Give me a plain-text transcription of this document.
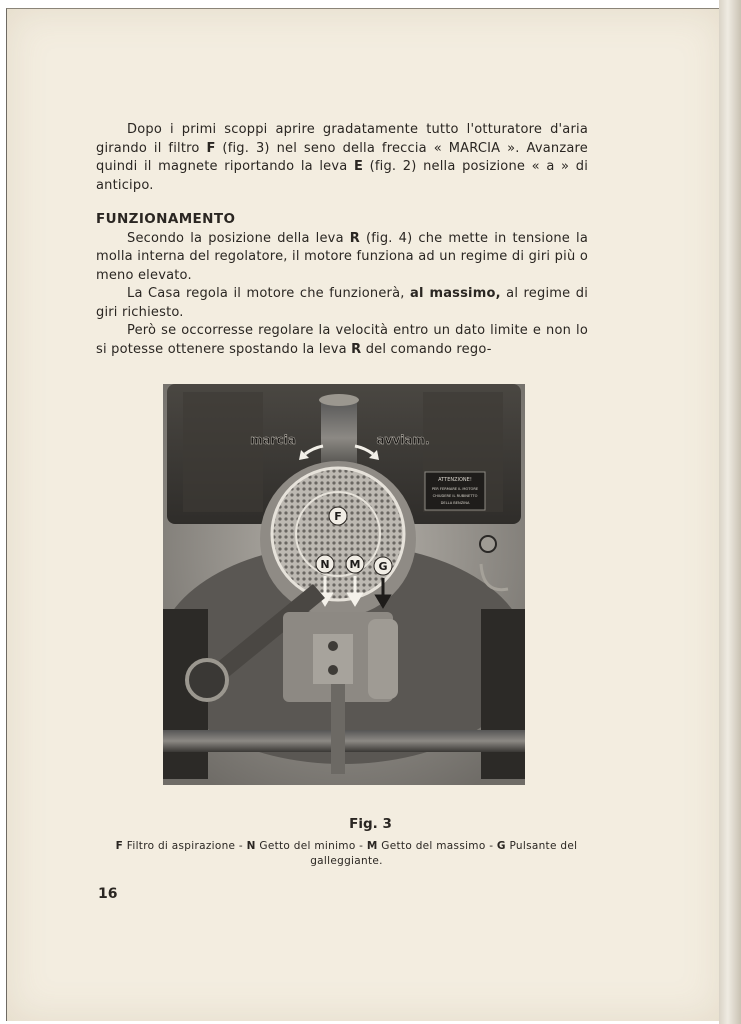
Dopo i primi scoppi aprire gradatamente tutto l'otturatore d'aria girando il filtro F (fig. 3) nel seno della freccia « MARCIA ». Avanzare quindi il magnete riportando la leva E (fig. 2) nella posizione « a » di anticipo.

FUNZIONAMENTO

Secondo la posizione della leva R (fig. 4) che mette in tensione la molla interna del regolatore, il motore funziona ad un regime di giri più o meno elevato.

La Casa regola il motore che funzionerà, al massimo, al regime di giri richiesto.

Però se occorresse regolare la velocità entro un dato limite e non lo si potesse ottenere spostando la leva R del comando rego-

ATTENZIONE!
PER FERMARE IL MOTORE
CHIUDERE IL RUBINETTO
DELLA BENZINA
F
N M G
marcia	avviam.
Fig. 3
F Filtro di aspirazione - N Getto del minimo - M Getto del massimo - G Pulsante del galleggiante.
16
